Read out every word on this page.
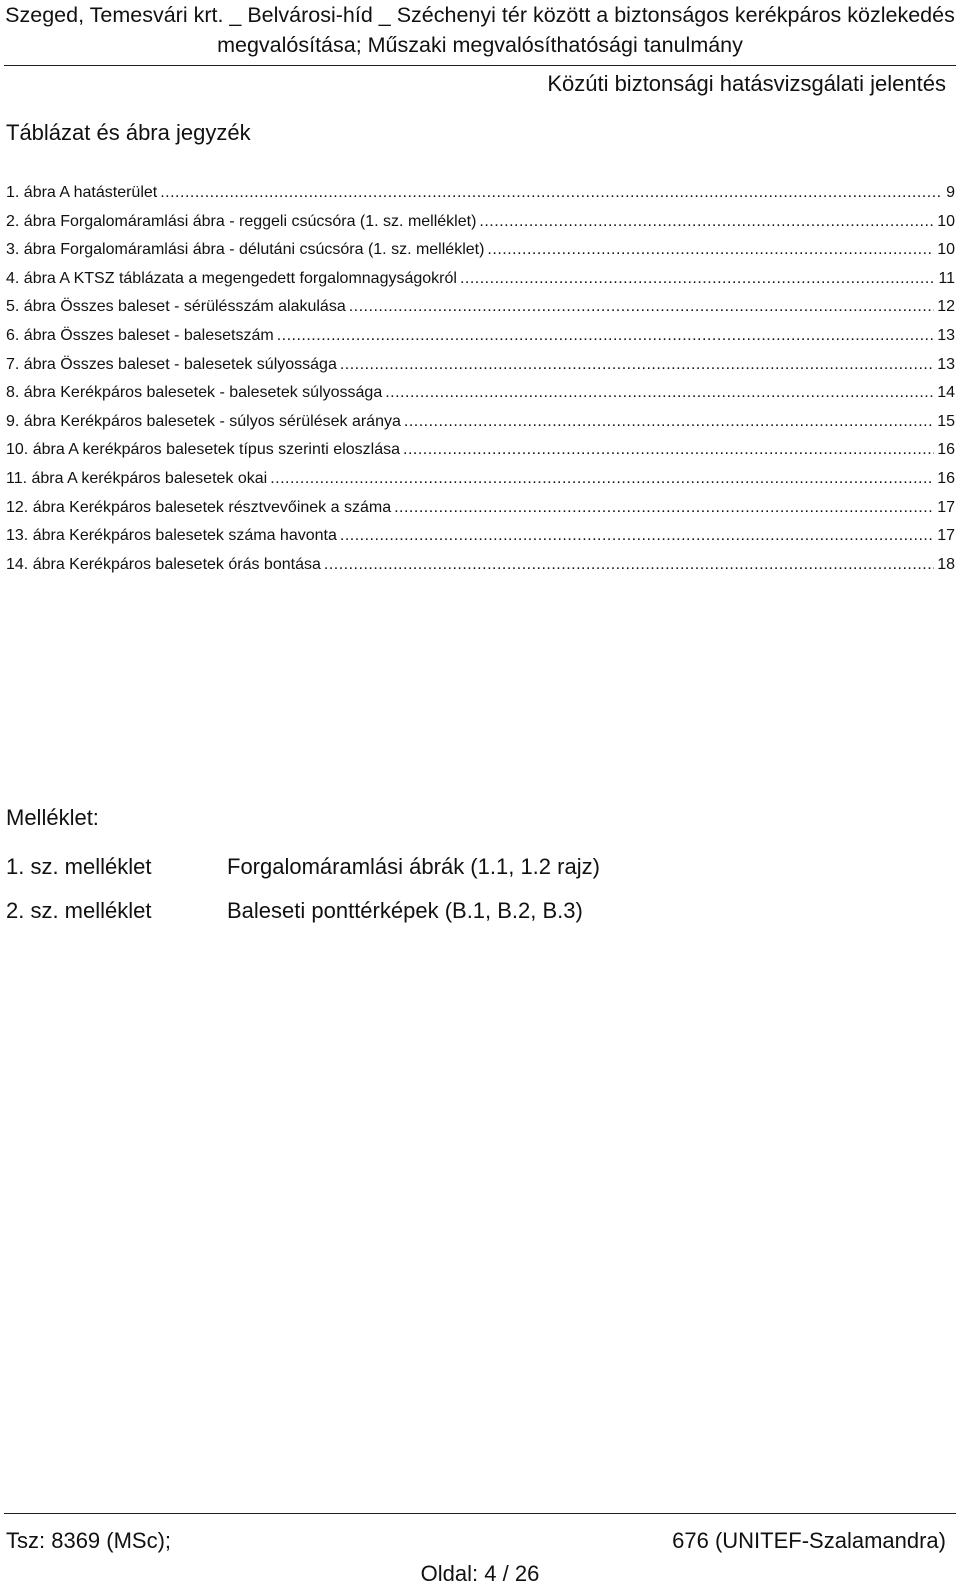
Szeged, Temesvári krt. _ Belvárosi-híd _ Széchenyi tér között a biztonságos kerékpáros közlekedés
megvalósítása; Műszaki megvalósíthatósági tanulmány
Közúti biztonsági hatásvizsgálati jelentés
Táblázat és ábra jegyzék
1. ábra A hatásterület .....	9
2. ábra Forgalomáramlási ábra - reggeli csúcsóra (1. sz. melléklet) .....	10
3. ábra Forgalomáramlási ábra - délutáni csúcsóra (1. sz. melléklet) .....	10
4. ábra A KTSZ táblázata a megengedett forgalomnagyságokról .....	11
5. ábra Összes baleset - sérülésszám alakulása .....	12
6. ábra Összes baleset - balesetszám .....	13
7. ábra Összes baleset - balesetek súlyossága .....	13
8. ábra Kerékpáros balesetek - balesetek súlyossága .....	14
9. ábra Kerékpáros balesetek - súlyos sérülések aránya .....	15
10. ábra A kerékpáros balesetek típus szerinti eloszlása .....	16
11. ábra A kerékpáros balesetek okai .....	16
12. ábra Kerékpáros balesetek résztvevőinek a száma .....	17
13. ábra Kerékpáros balesetek száma havonta .....	17
14. ábra Kerékpáros balesetek órás bontása .....	18
Melléklet:
1. sz. melléklet	Forgalomáramlási ábrák (1.1, 1.2 rajz)
2. sz. melléklet	Baleseti ponttérképek (B.1, B.2, B.3)
Tsz: 8369 (MSc);	676 (UNITEF-Szalamandra)
Oldal: 4 / 26
